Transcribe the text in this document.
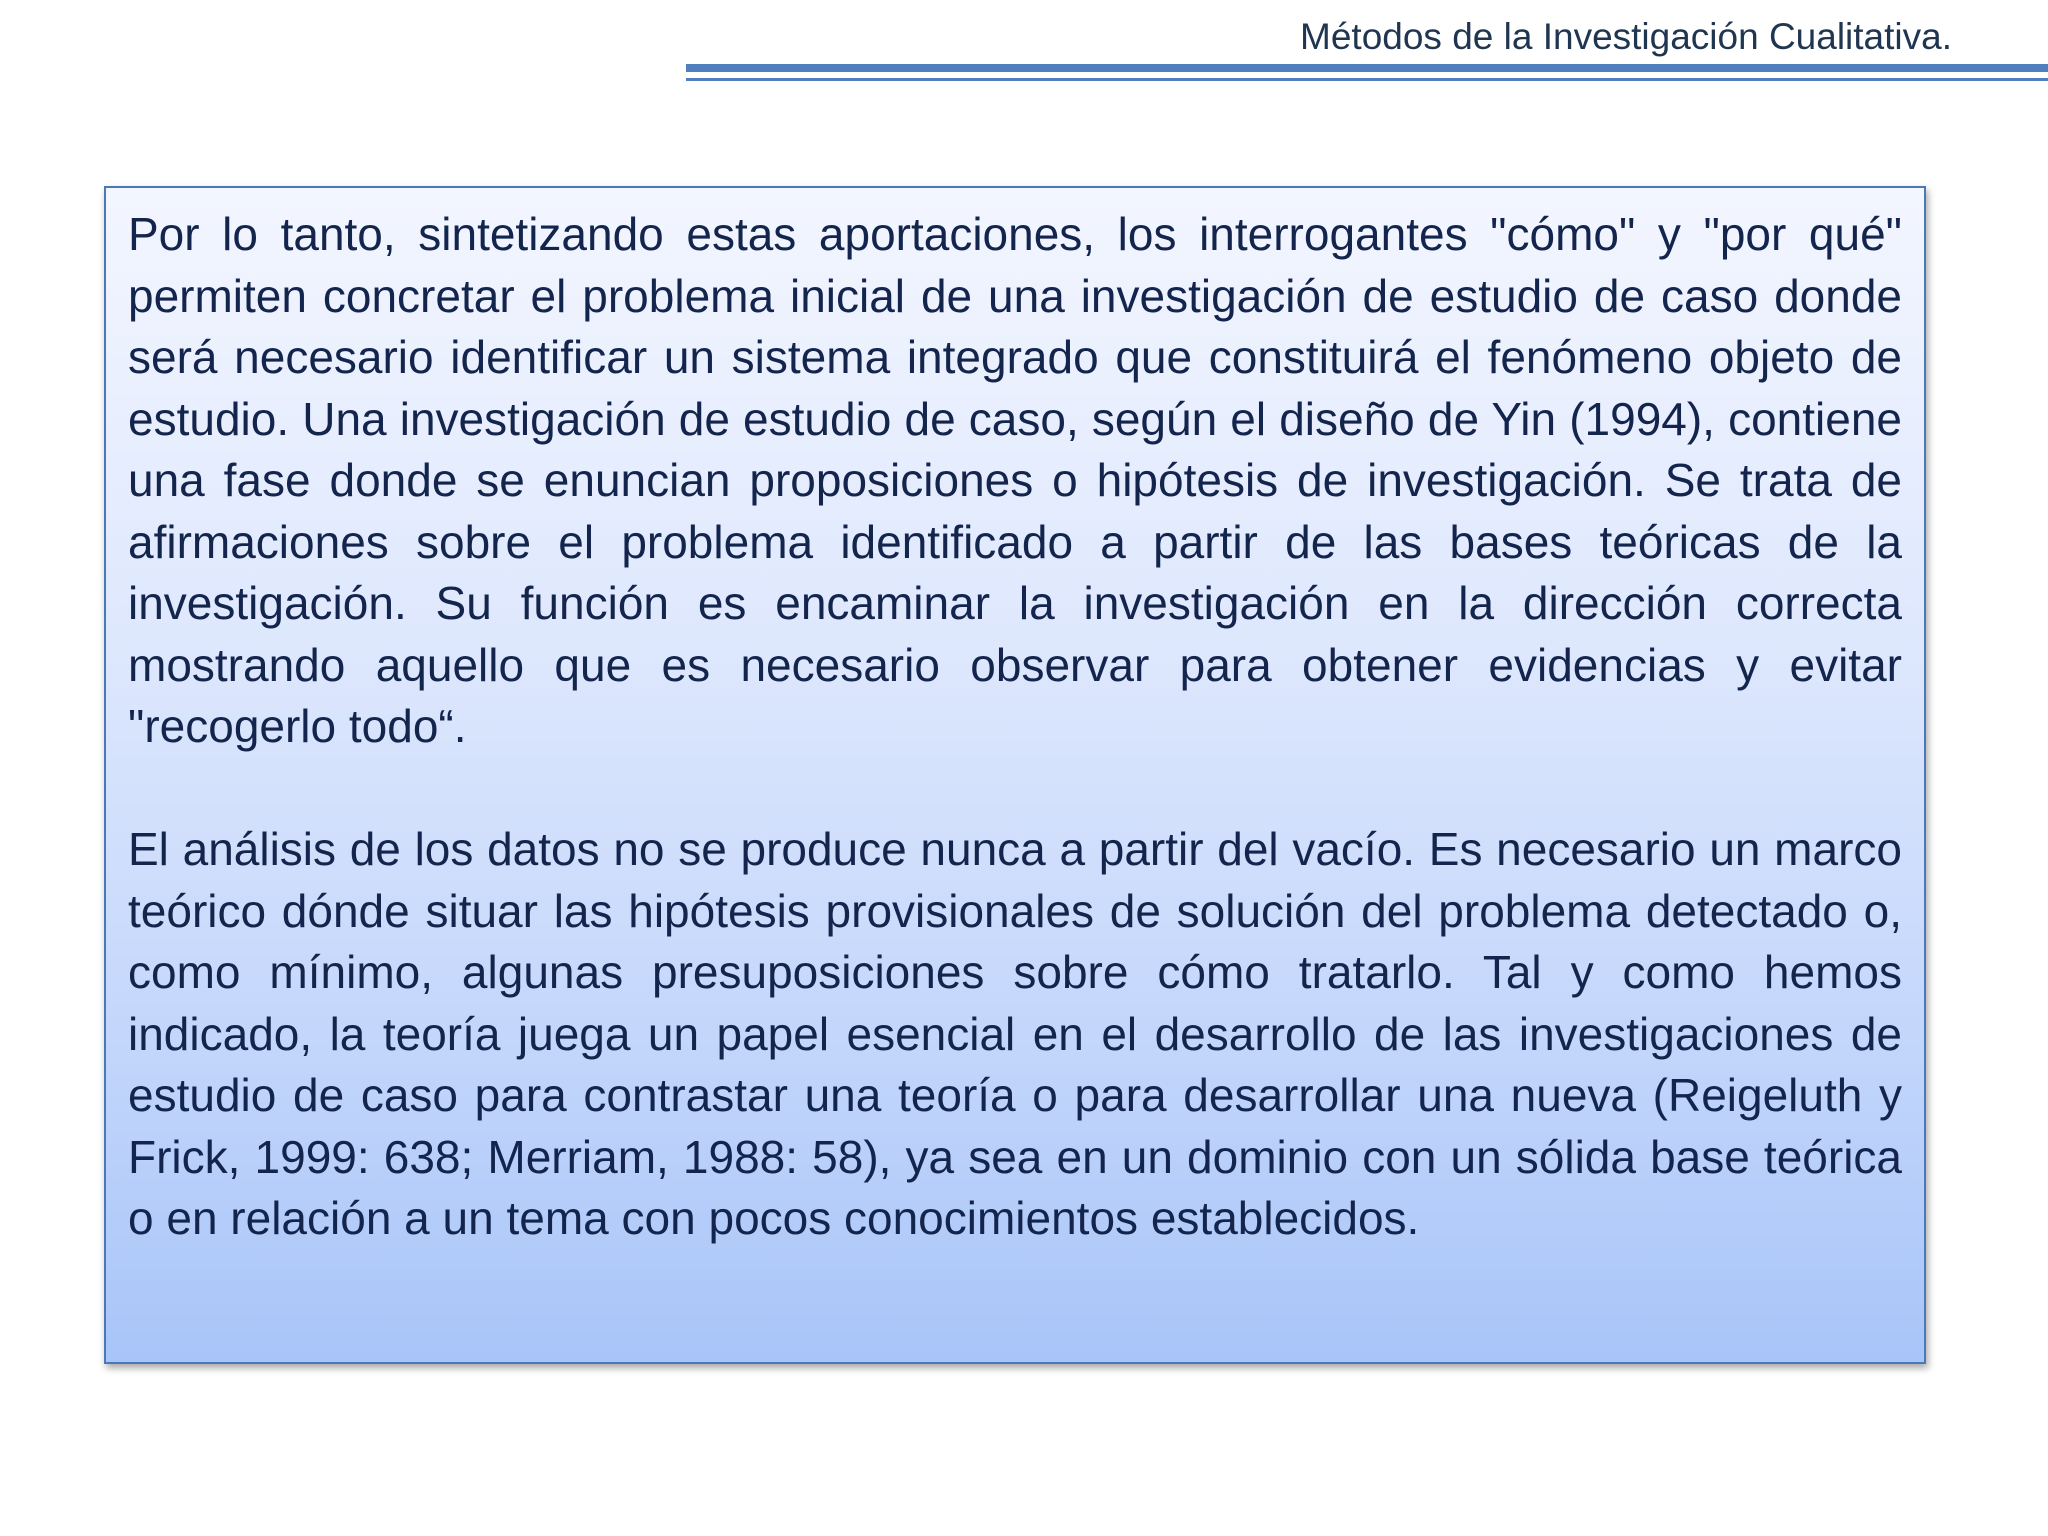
Métodos de la Investigación Cualitativa.

Por lo tanto, sintetizando estas aportaciones, los interrogantes "cómo" y "por qué" permiten concretar el problema inicial de una investigación de estudio de caso donde será necesario identificar un sistema integrado que constituirá el fenómeno objeto de estudio. Una investigación de estudio de caso, según el diseño de Yin (1994), contiene una fase donde se enuncian proposiciones o hipótesis de investigación. Se trata de afirmaciones sobre el problema identificado a partir de las bases teóricas de la investigación. Su función es encaminar la investigación en la dirección correcta mostrando aquello que es necesario observar para obtener evidencias y evitar "recogerlo todo“.

El análisis de los datos no se produce nunca a partir del vacío. Es necesario un marco teórico dónde situar las hipótesis provisionales de solución del problema detectado o, como mínimo, algunas presuposiciones sobre cómo tratarlo. Tal y como hemos indicado, la teoría juega un papel esencial en el desarrollo de las investigaciones de estudio de caso para contrastar una teoría o para desarrollar una nueva (Reigeluth y Frick, 1999: 638; Merriam, 1988: 58), ya sea en un dominio con un sólida base teórica o en relación a un tema con pocos conocimientos establecidos.
